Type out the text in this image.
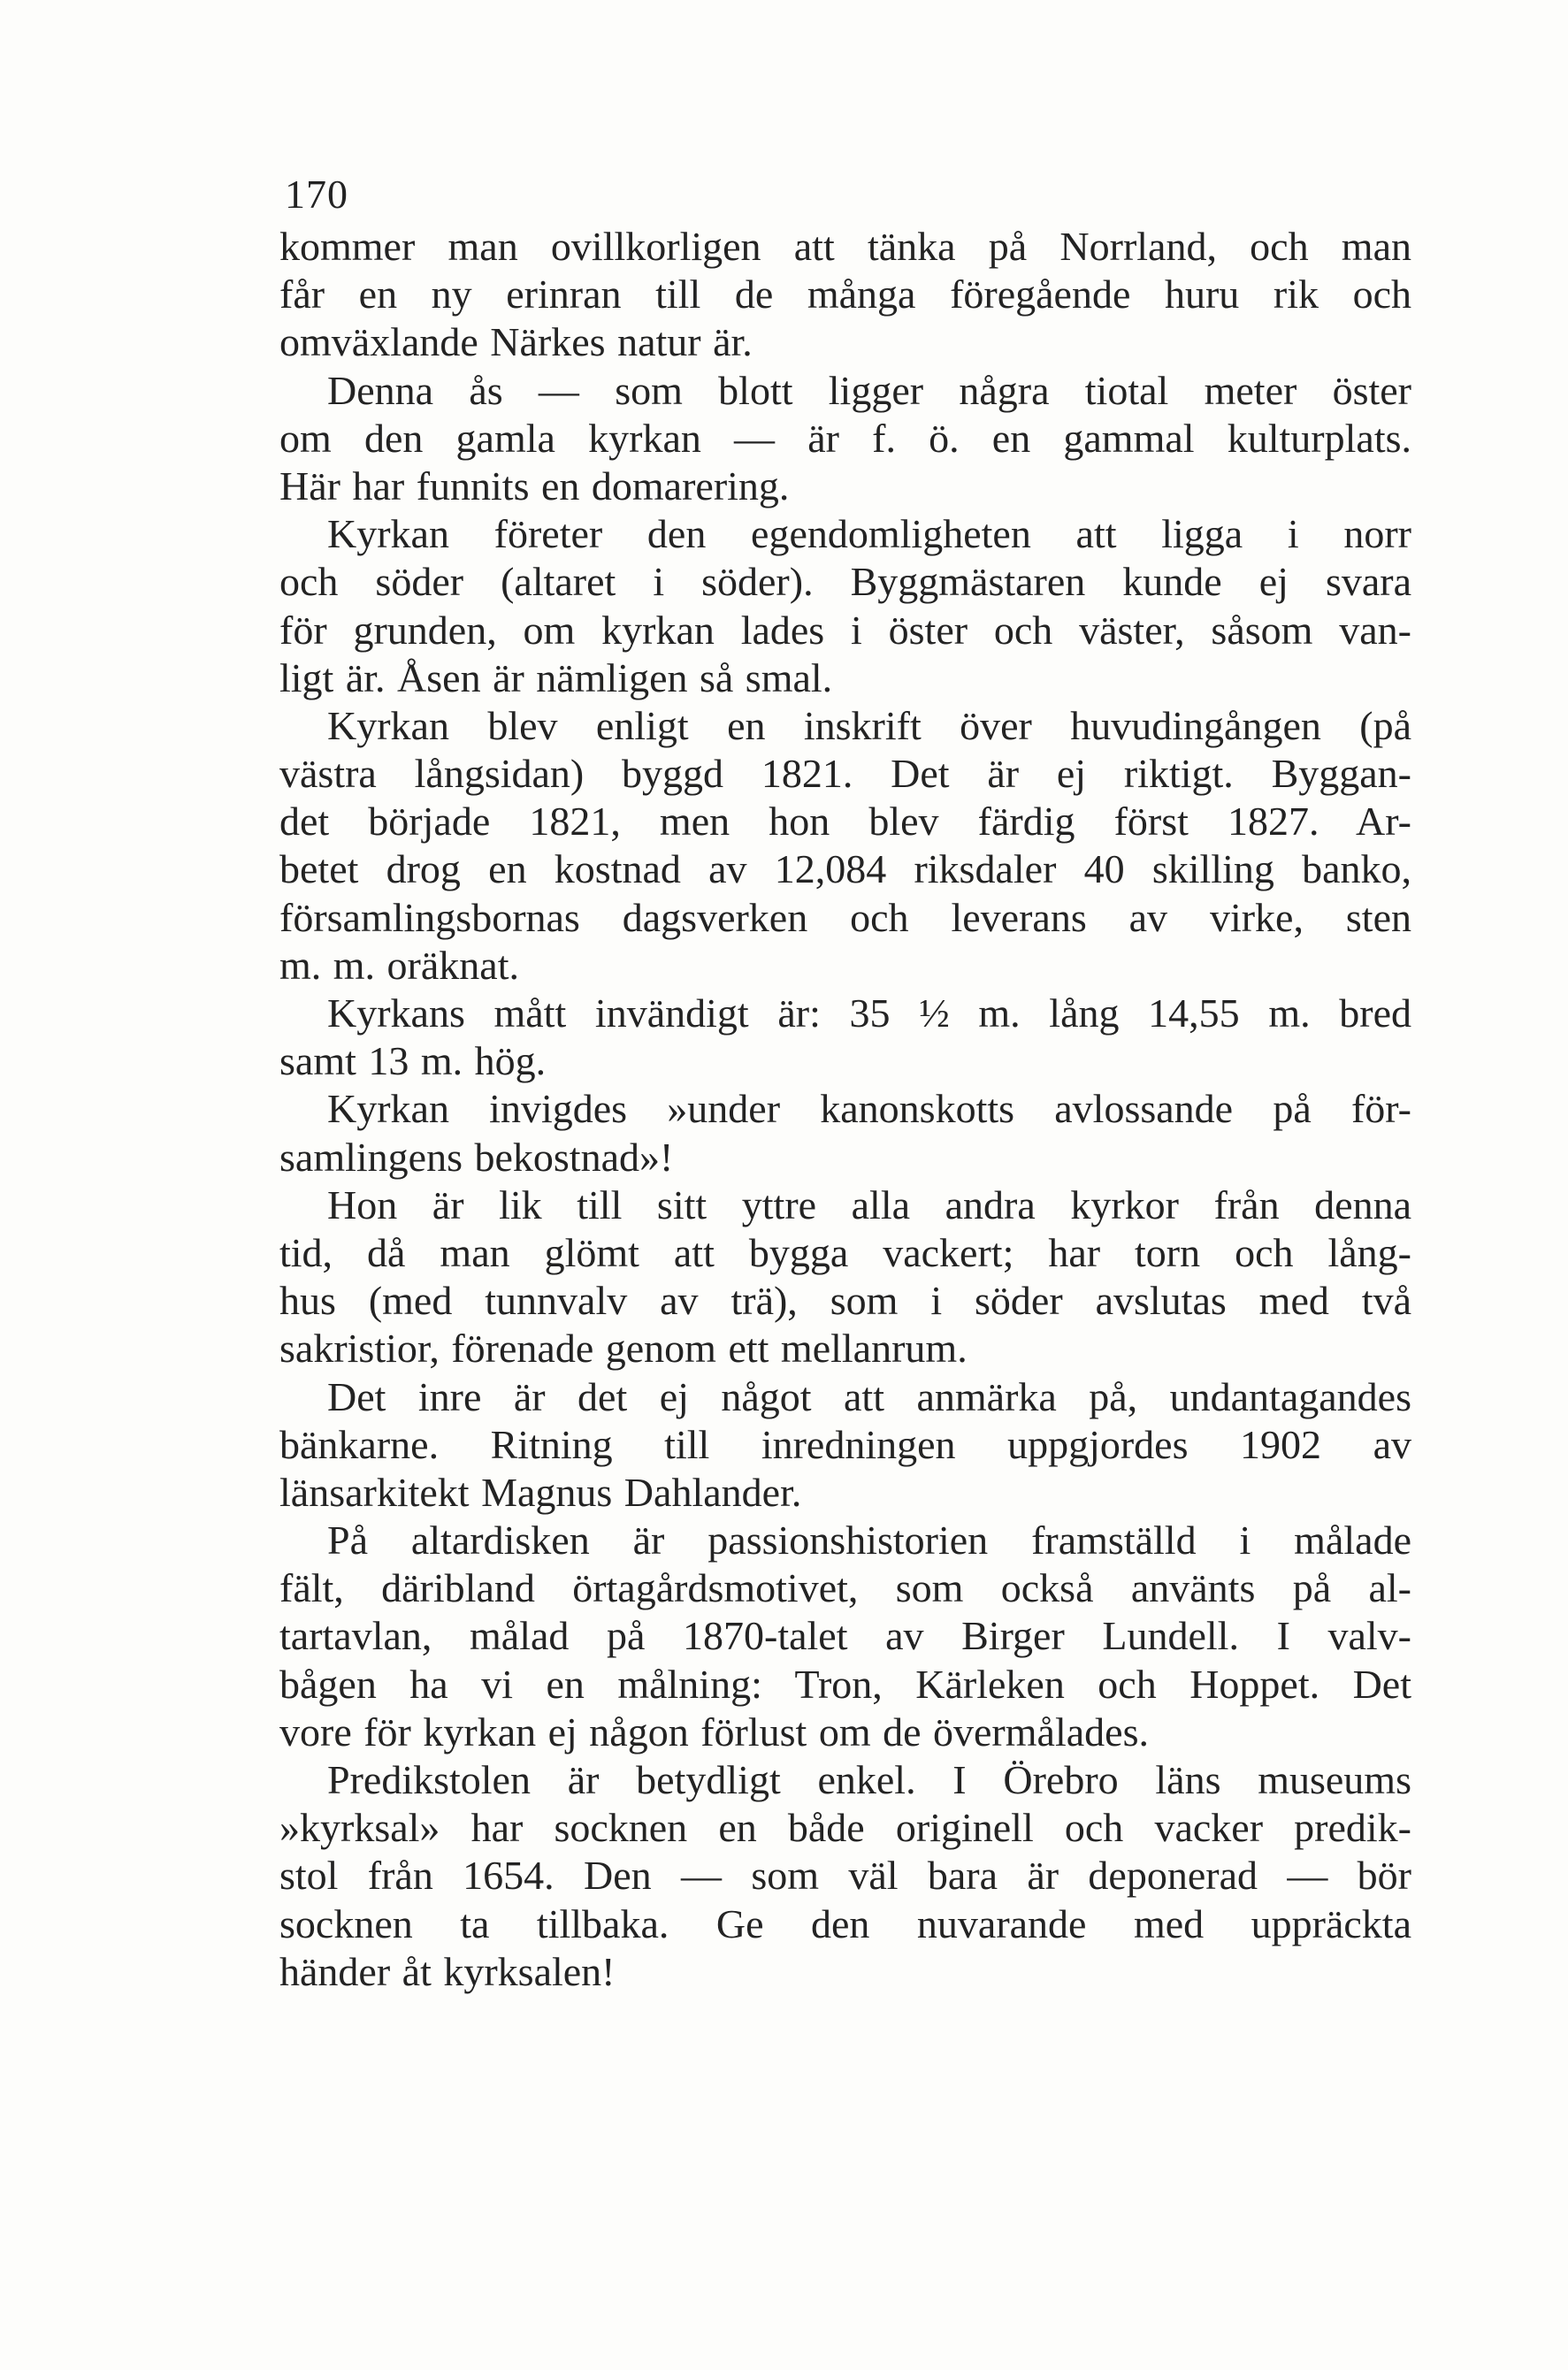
170
kommer man ovillkorligen att tänka på Norrland, och man
får en ny erinran till de många föregående huru rik och
omväxlande Närkes natur är.
Denna ås — som blott ligger några tiotal meter öster
om den gamla kyrkan — är f. ö. en gammal kulturplats.
Här har funnits en domarering.
Kyrkan företer den egendomligheten att ligga i norr
och söder (altaret i söder). Byggmästaren kunde ej svara
för grunden, om kyrkan lades i öster och väster, såsom van-
ligt är. Åsen är nämligen så smal.
Kyrkan blev enligt en inskrift över huvudingången (på
västra långsidan) byggd 1821. Det är ej riktigt. Byggan-
det började 1821, men hon blev färdig först 1827. Ar-
betet drog en kostnad av 12,084 riksdaler 40 skilling banko,
församlingsbornas dagsverken och leverans av virke, sten
m. m. oräknat.
Kyrkans mått invändigt är: 35 ½ m. lång 14,55 m. bred
samt 13 m. hög.
Kyrkan invigdes »under kanonskotts avlossande på för-
samlingens bekostnad»!
Hon är lik till sitt yttre alla andra kyrkor från denna
tid, då man glömt att bygga vackert; har torn och lång-
hus (med tunnvalv av trä), som i söder avslutas med två
sakristior, förenade genom ett mellanrum.
Det inre är det ej något att anmärka på, undantagandes
bänkarne. Ritning till inredningen uppgjordes 1902 av
länsarkitekt Magnus Dahlander.
På altardisken är passionshistorien framställd i målade
fält, däribland örtagårdsmotivet, som också använts på al-
tartavlan, målad på 1870-talet av Birger Lundell. I valv-
bågen ha vi en målning: Tron, Kärleken och Hoppet. Det
vore för kyrkan ej någon förlust om de övermålades.
Predikstolen är betydligt enkel. I Örebro läns museums
»kyrksal» har socknen en både originell och vacker predik-
stol från 1654. Den — som väl bara är deponerad — bör
socknen ta tillbaka. Ge den nuvarande med uppräckta
händer åt kyrksalen!
